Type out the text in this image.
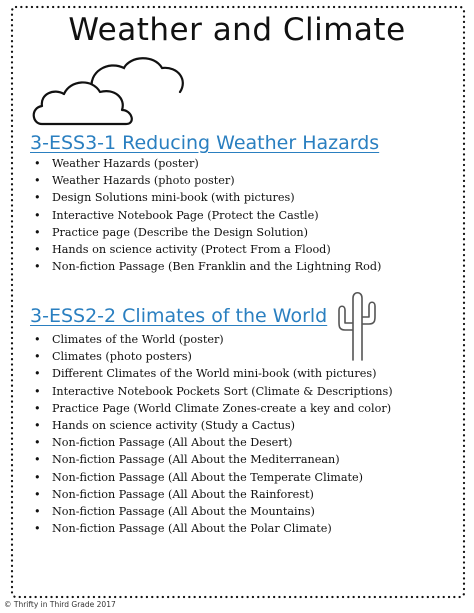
Weather and Climate
3-ESS3-1 Reducing Weather Hazards
• Weather Hazards (poster)
• Weather Hazards (photo poster)
• Design Solutions mini-book (with pictures)
• Interactive Notebook Page (Protect the Castle)
• Practice page (Describe the Design Solution)
• Hands on science activity (Protect From a Flood)
• Non-fiction Passage (Ben Franklin and the Lightning Rod)
3-ESS2-2 Climates of the World
• Climates of the World (poster)
• Climates (photo posters)
• Different Climates of the World mini-book (with pictures)
• Interactive Notebook Pockets Sort (Climate & Descriptions)
• Practice Page (World Climate Zones-create a key and color)
• Hands on science activity (Study a Cactus)
• Non-fiction Passage (All About the Desert)
• Non-fiction Passage (All About the Mediterranean)
• Non-fiction Passage (All About the Temperate Climate)
• Non-fiction Passage (All About the Rainforest)
• Non-fiction Passage (All About the Mountains)
• Non-fiction Passage (All About the Polar Climate)
© Thrifty in Third Grade 2017
